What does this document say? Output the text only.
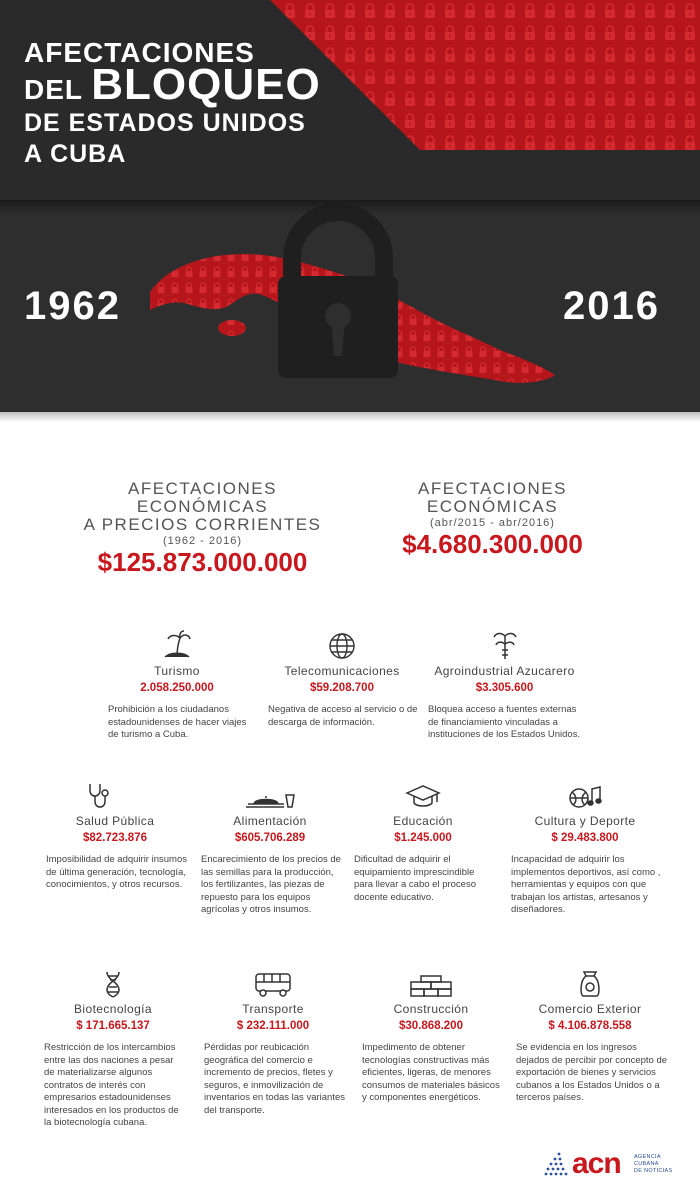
AFECTACIONES
DEL BLOQUEO
DE ESTADOS UNIDOS
A CUBA
1962	2016
AFECTACIONES ECONÓMICAS
A PRECIOS CORRIENTES
(1962 - 2016)
$125.873.000.000
AFECTACIONES
ECONÓMICAS
(abr/2015 - abr/2016)
$4.680.300.000
Turismo
2.058.250.000
Prohibición a los ciudadanos estadounidenses de hacer viajes de turismo a Cuba.
Telecomunicaciones
$59.208.700
Negativa de acceso al servicio o de descarga de información.
Agroindustrial Azucarero
$3.305.600
Bloquea acceso a fuentes externas de financiamiento vinculadas a instituciones de los Estados Unidos.
Salud Pública
$82.723.876
Imposibilidad de adquirir insumos de última generación, tecnología, conocimientos, y otros recursos.
Alimentación
$605.706.289
Encarecimiento de los precios de las semillas para la producción, los fertilizantes, las piezas de repuesto para los equipos agrícolas y otros insumos.
Educación
$1.245.000
Dificultad de adquirir el equipamiento imprescindible para llevar a cabo el proceso docente educativo.
Cultura y Deporte
$ 29.483.800
Incapacidad de adquirir los implementos deportivos, así como , herramientas y equipos con que trabajan los artistas, artesanos y diseñadores.
Biotecnología
$ 171.665.137
Restricción de los intercambios entre las dos naciones a pesar de materializarse algunos contratos de interés con empresarios estadounidenses interesados en los productos de la biotecnología cubana.
Transporte
$ 232.111.000
Pérdidas por reubicación geográfica del comercio e incremento de precios, fletes y seguros, e inmovilización de inventarios en todas las variantes del transporte.
Construcción
$30.868.200
Impedimento de obtener tecnologías constructivas más eficientes, ligeras, de menores consumos de materiales básicos y componentes energéticos.
Comercio Exterior
$ 4.106.878.558
Se evidencia en los ingresos dejados de percibir por concepto de exportación de bienes y servicios cubanos a los Estados Unidos o a terceros países.
acn AGENCIA
CUBANA
DE NOTICIAS
